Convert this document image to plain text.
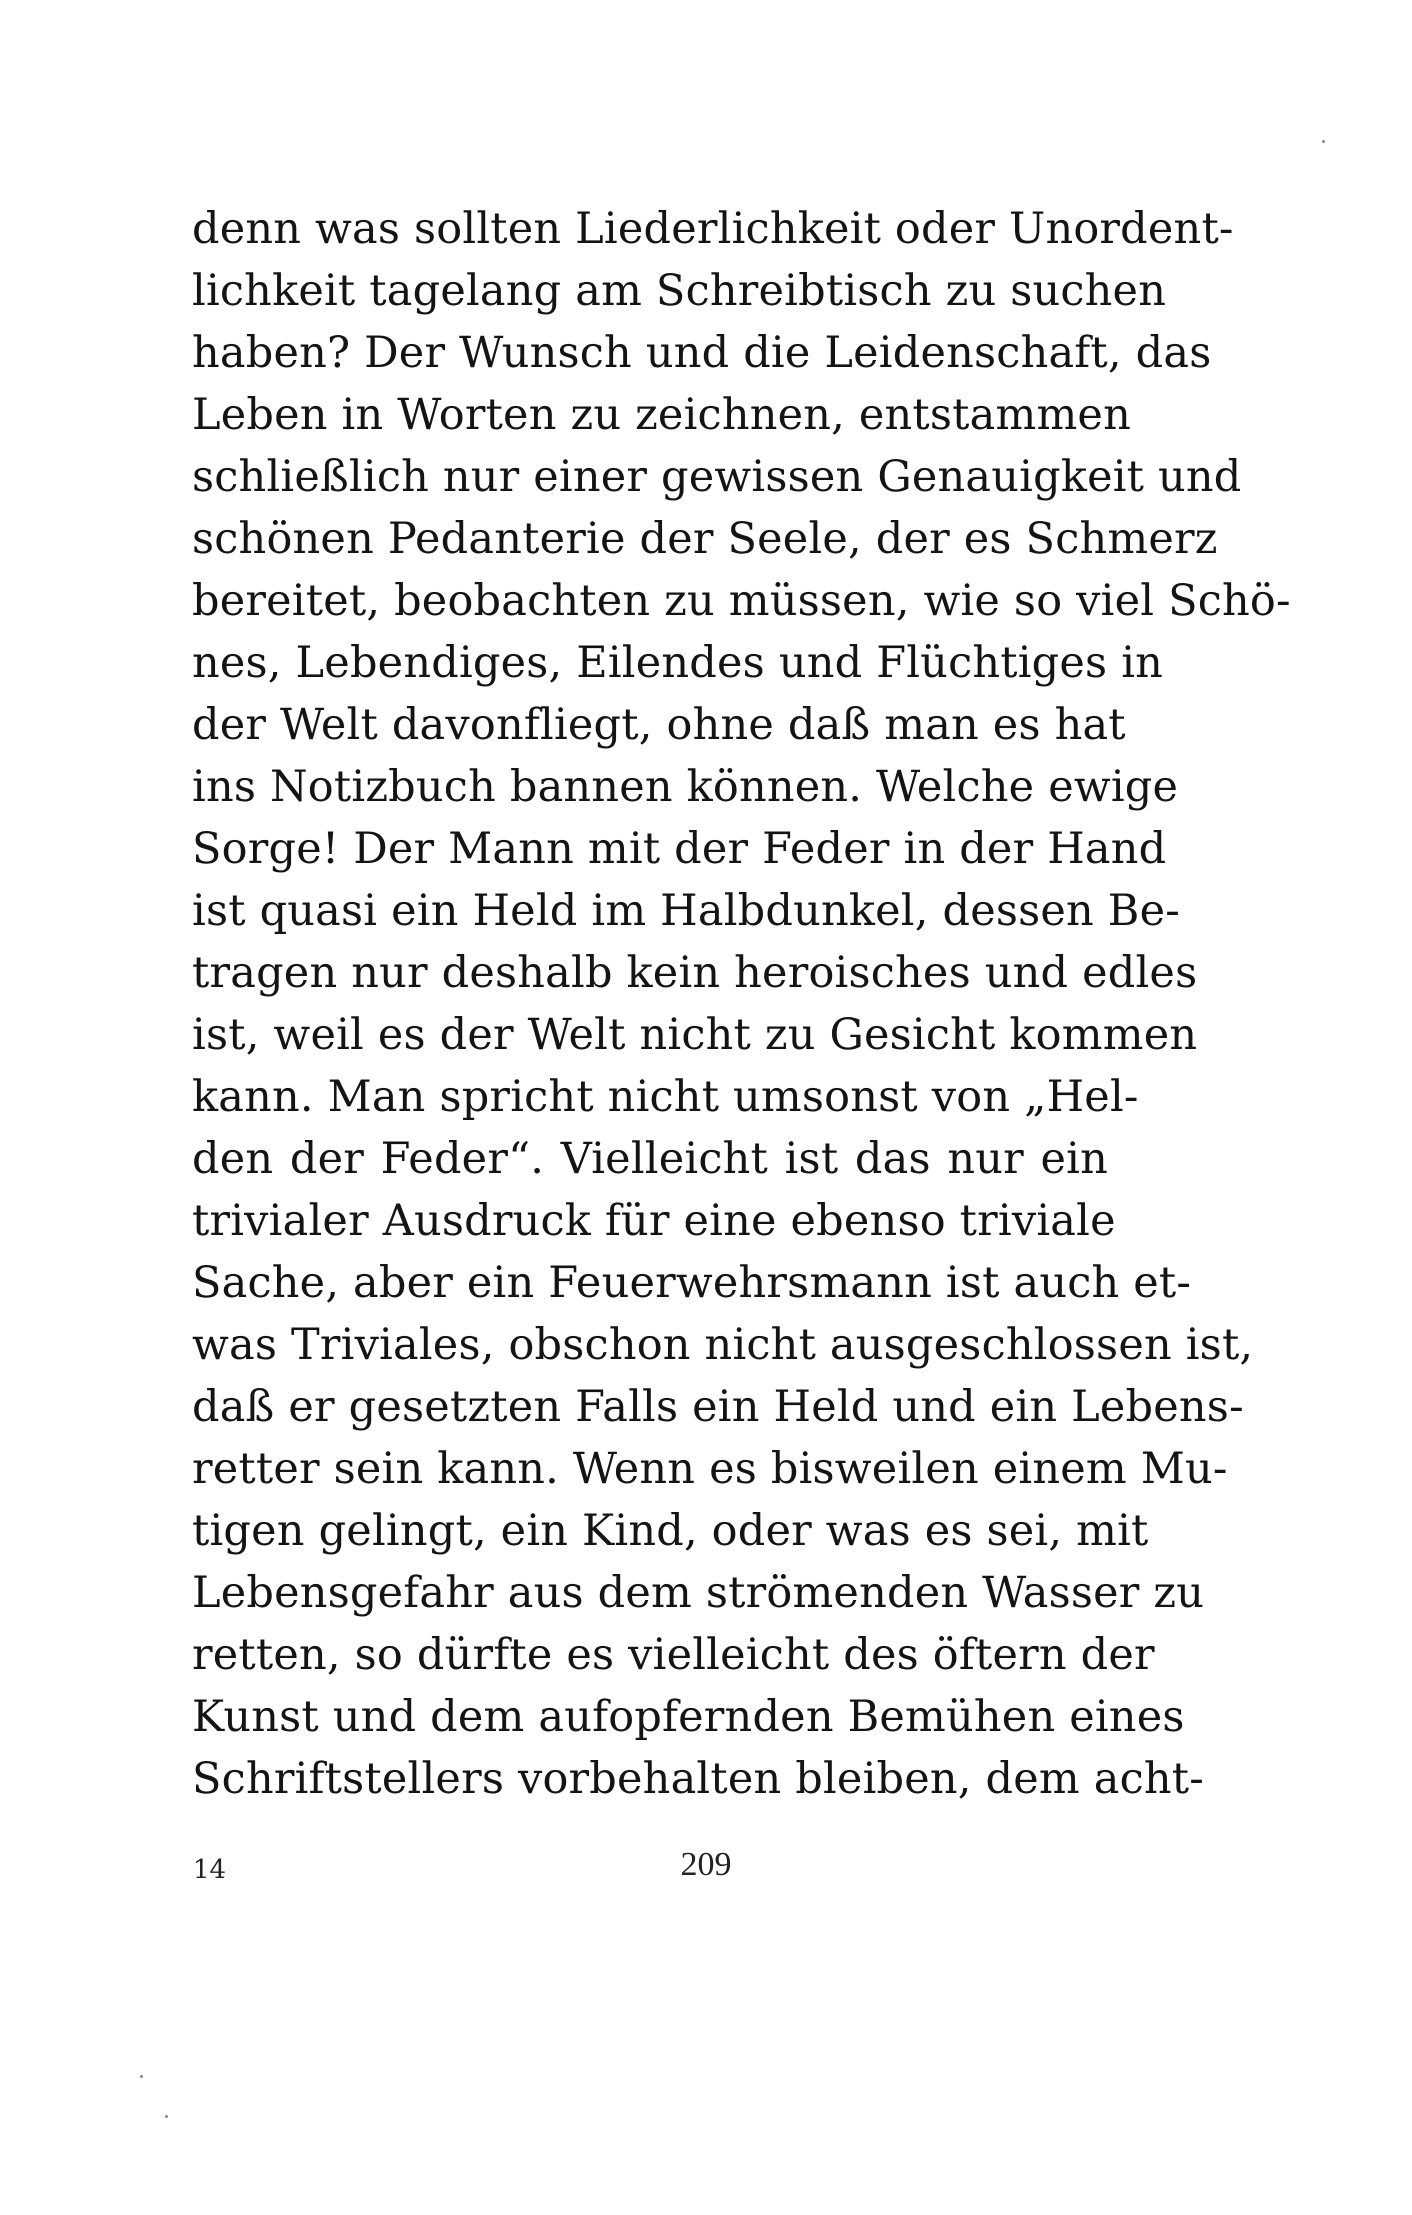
denn was sollten Liederlichkeit oder Unordent-
lichkeit tagelang am Schreibtisch zu suchen
haben? Der Wunsch und die Leidenschaft, das
Leben in Worten zu zeichnen, entstammen
schließlich nur einer gewissen Genauigkeit und
schönen Pedanterie der Seele, der es Schmerz
bereitet, beobachten zu müssen, wie so viel Schö-
nes, Lebendiges, Eilendes und Flüchtiges in
der Welt davonfliegt, ohne daß man es hat
ins Notizbuch bannen können. Welche ewige
Sorge! Der Mann mit der Feder in der Hand
ist quasi ein Held im Halbdunkel, dessen Be-
tragen nur deshalb kein heroisches und edles
ist, weil es der Welt nicht zu Gesicht kommen
kann. Man spricht nicht umsonst von „Hel-
den der Feder“. Vielleicht ist das nur ein
trivialer Ausdruck für eine ebenso triviale
Sache, aber ein Feuerwehrsmann ist auch et-
was Triviales, obschon nicht ausgeschlossen ist,
daß er gesetzten Falls ein Held und ein Lebens-
retter sein kann. Wenn es bisweilen einem Mu-
tigen gelingt, ein Kind, oder was es sei, mit
Lebensgefahr aus dem strömenden Wasser zu
retten, so dürfte es vielleicht des öftern der
Kunst und dem aufopfernden Bemühen eines
Schriftstellers vorbehalten bleiben, dem acht-
14	209
